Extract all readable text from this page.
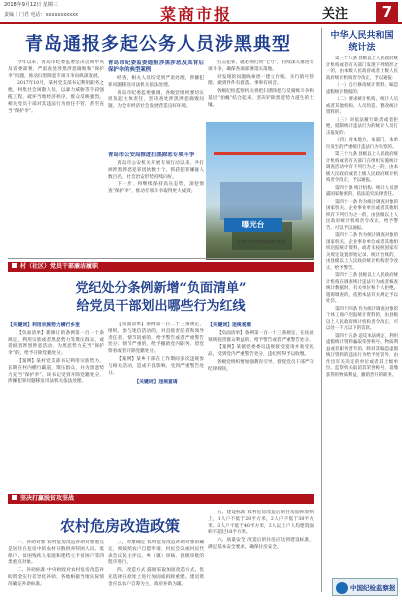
2018年9月12日 星期三
责编｜门君 电话：xxxxxxxxxxx	菜商市报	关注	7
青岛通报多起公务人员涉黑典型

今年以来，青岛市纪委监委坚决贯彻中央及省委部署，严肃查处涉黑涉恶腐败和“保护伞”问题，推动扫黑除恶专项斗争向纵深发展。

2017年10月，某村党支部书记利用职务之便，纠集社会闲散人员，以暴力威胁等手段强揽工程，破坏当地经济秩序，群众反映强烈。相关党员干部对其违法行为放任不管，甚至充当“保护伞”。

青岛市纪委监委通报涉黑涉恶及其背后保护伞的典型案例

经查，相关人员均受到严肃处理，涉嫌犯罪问题移送司法机关依法处理。

青岛市纪委监委强调，各级党组织要切实担负起主体责任，坚决查处涉黑涉恶腐败问题，为全市经济社会发展营造良好环境。

青岛市公安局推进扫黑除恶专项斗争

青岛市公安机关开展专项行动以来，共打掉涉黑涉恶犯罪团伙数十个，抓获犯罪嫌疑人数百名，社会治安形势持续向好。

下一步，将继续保持高压态势，深挖彻查“保护伞”，推动专项斗争取得更大成效。

打击犯罪，就必须打到“七寸”，持续深入推进专项斗争，确保各项部署落实落地。

对发现的问题线索逐一建立台账，实行销号管理，做到件件有着落、事事有回音。

各级纪检监察机关将把扫黑除恶与反腐败斗争和基层“拍蝇”结合起来，坚决铲除黑恶势力滋生的土壤。

曝光台
专项斗争取得阶段性成效
中华人民共和国统计法

第三十八条 县级以上人民政府统计机构或者有关部门发现下列情形之一的，由本级人民政府或者上级人民政府统计机构责令改正，予以通报：

（一）自行修改统计资料、编造虚假统计数据的；

（二）要求统计机构、统计人员或者其他机构、人员伪造、篡改统计资料的；

（三）对依法履行职责或者拒绝、抵制统计违法行为的统计人员打击报复的；

（四）对本地方、本部门、本单位发生的严重统计违法行为失察的。

第三十九条 县级以上人民政府统计机构或者有关部门在组织实施统计调查活动中有下列行为之一的，由本级人民政府或者上级人民政府统计机构责令改正，予以通报。

第四十条 统计机构、统计人员泄露国家秘密的，依法追究法律责任。

第四十一条 作为统计调查对象的国家机关、企业事业单位或者其他组织有下列行为之一的，由县级以上人民政府统计机构责令改正，给予警告，可以予以通报。

第四十二条 作为统计调查对象的国家机关、企业事业单位或者其他组织迟报统计资料，或者未按照国家有关规定设置原始记录、统计台账的，由县级以上人民政府统计机构责令改正，给予警告。

第四十三条 县级以上人民政府统计机构在调查统计违法行为或者核查统计数据时，有关单位和个人拒绝、阻碍调查的，依照本法有关规定予以处罚。

第四十四条 作为统计调查对象的个体工商户迟报统计资料的，由县级以上人民政府统计机构责令改正，可以处一千元以下的罚款。

第四十五条 违反本法规定，利用虚假统计资料骗取荣誉称号、物质利益或者职务晋升的，除对其编造虚假统计资料的违法行为给予处罚外，由作出有关决定的单位或者其上级单位、监察机关取消其荣誉称号，追缴获得的物质利益，撤销晋升的职务。

中国纪检监察报
村（社区）党员干部廉洁履职
党纪处分条例新增“负面清单”
给党员干部划出哪些行为红线
【关键词】利用宗族势力横行乡里

【负面清单】新修订的条例第一百一十条规定，利用宗族或者黑恶势力等欺压群众，或者纵容涉黑涉恶活动、为黑恶势力充当“保护伞”的，给予开除党籍处分。

【案例】某村党支部书记利用宗族势力，长期在村内横行霸道，欺压群众，并为黑恶势力充当“保护伞”。该书记受到开除党籍处分，涉嫌犯罪问题移送司法机关依法处理。

【负面清单】条例第一百二十三条规定，组织、参与迷信活动的，对直接责任者和领导责任者，情节较重的，给予警告或者严重警告处分；情节严重的，给予撤销党内职务、留党察看或者开除党籍处分。

【案例】某乡干部在工作期间多次违规参与相关活动，造成不良影响，受到严重警告处分。

【关键词】违规宴请
【关键词】违规观看

【负面清单】条例第一百一十三条规定，在扶贫领域侵害群众利益的，给予警告或者严重警告处分。

【案例】某镇党委委员违规接受宴请并收受礼品，受到党内严重警告处分，违纪所得予以收缴。

各级党组织要加强教育引导，督促党员干部严守纪律规矩。

坚决打赢脱贫攻坚战
农村危房改造政策

一、补助对象 农村危房改造补助对象重点是居住在危房中的农村分散供养特困人员、低保户、贫困残疾人家庭和建档立卡贫困户等四类重点对象。

二、补助标准 中央财政对农村危房改造补助资金实行差异化补助，各地根据当地实际情况确定补助标准。

三、对象确定 农村危房改造补助对象的确定，须按照农户自愿申请、村民会议或村民代表会议民主评议、乡（镇）审核、县级审批的程序进行。

四、改造方式 鼓励采取加固改造方式，优先选择在原址上进行加固或拆除重建。建房资金应以农户自筹为主，政府补助为辅。

五、建设标准 农村危房改造后的住房面积原则上，1人户不低于20平方米，2人户不低于30平方米，3人户不低于40平方米，3人以上户人均建筑面积不超过18平方米。

六、质量安全 改造后的住房应达到建设标准，满足基本安全要求，确保住房安全。
